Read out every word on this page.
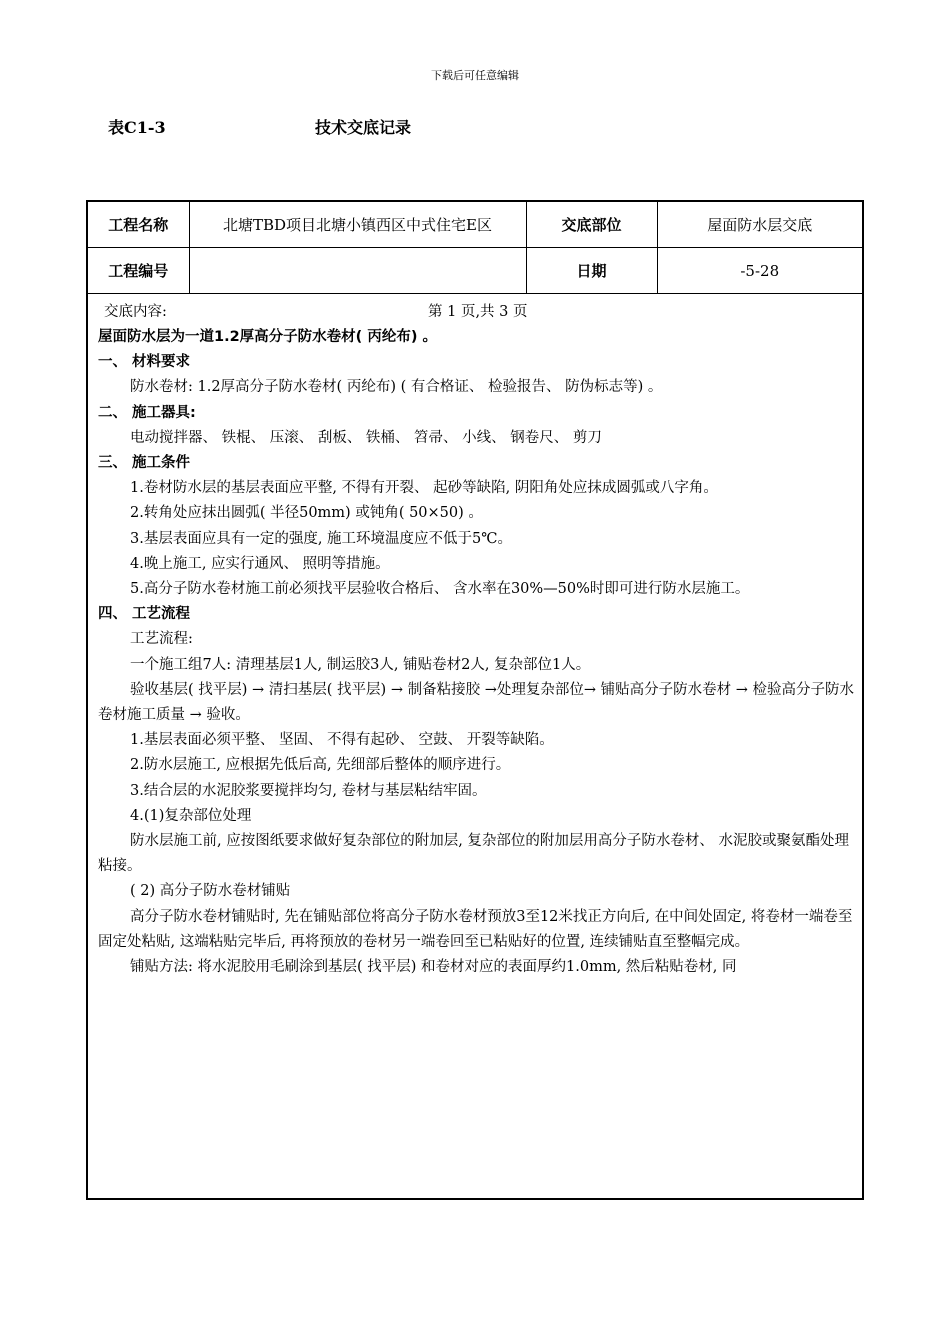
下载后可任意编辑
表C1-3	技术交底记录
工程名称	北塘TBD项目北塘小镇西区中式住宅E区	交底部位	屋面防水层交底
工程编号		日期	-5-28
交底内容:	第 1 页,共 3 页

屋面防水层为一道1.2厚高分子防水卷材( 丙纶布) 。

一、 材料要求

防水卷材: 1.2厚高分子防水卷材( 丙纶布) ( 有合格证、 检验报告、 防伪标志等) 。

二、 施工器具:

电动搅拌器、 铁棍、 压滚、 刮板、 铁桶、 笤帚、 小线、 钢卷尺、 剪刀

三、 施工条件

1.卷材防水层的基层表面应平整, 不得有开裂、 起砂等缺陷, 阴阳角处应抹成圆弧或八字角。

2.转角处应抹出圆弧( 半径50mm) 或钝角( 50×50) 。

3.基层表面应具有一定的强度, 施工环境温度应不低于5℃。

4.晚上施工, 应实行通风、 照明等措施。

5.高分子防水卷材施工前必须找平层验收合格后、 含水率在30%—50%时即可进行防水层施工。

四、 工艺流程

工艺流程:

一个施工组7人: 清理基层1人, 制运胶3人, 铺贴卷材2人, 复杂部位1人。

验收基层( 找平层) → 清扫基层( 找平层) → 制备粘接胶 →处理复杂部位→ 铺贴高分子防水卷材 → 检验高分子防水卷材施工质量 → 验收。

1.基层表面必须平整、 坚固、 不得有起砂、 空鼓、 开裂等缺陷。

2.防水层施工, 应根据先低后高, 先细部后整体的顺序进行。

3.结合层的水泥胶浆要搅拌均匀, 卷材与基层粘结牢固。

4.(1)复杂部位处理

防水层施工前, 应按图纸要求做好复杂部位的附加层, 复杂部位的附加层用高分子防水卷材、 水泥胶或聚氨酯处理粘接。

( 2) 高分子防水卷材铺贴

高分子防水卷材铺贴时, 先在铺贴部位将高分子防水卷材预放3至12米找正方向后, 在中间处固定, 将卷材一端卷至固定处粘贴, 这端粘贴完毕后, 再将预放的卷材另一端卷回至已粘贴好的位置, 连续铺贴直至整幅完成。

铺贴方法: 将水泥胶用毛刷涂到基层( 找平层) 和卷材对应的表面厚约1.0mm, 然后粘贴卷材, 同
